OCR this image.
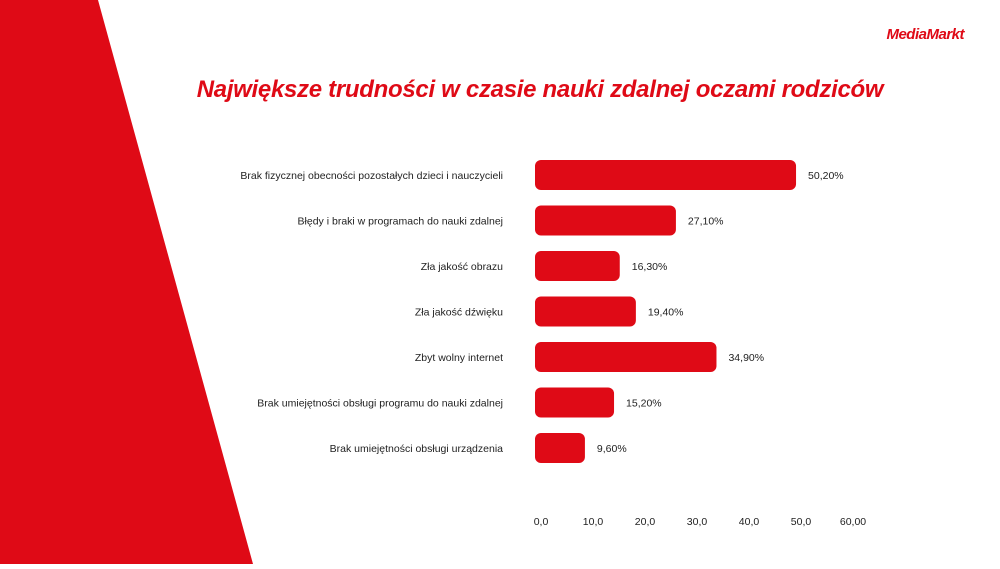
MediaMarkt
Największe trudności w czasie nauki zdalnej oczami rodziców
Brak fizycznej obecności pozostałych dzieci i nauczycieli	50,20%
Błędy i braki w programach do nauki zdalnej	27,10%
Zła jakość obrazu	16,30%
Zła jakość dźwięku	19,40%
Zbyt wolny internet	34,90%
Brak umiejętności obsługi programu do nauki zdalnej	15,20%
Brak umiejętności obsługi urządzenia	9,60%
0,0	10,0	20,0	30,0	40,0	50,0	60,00
